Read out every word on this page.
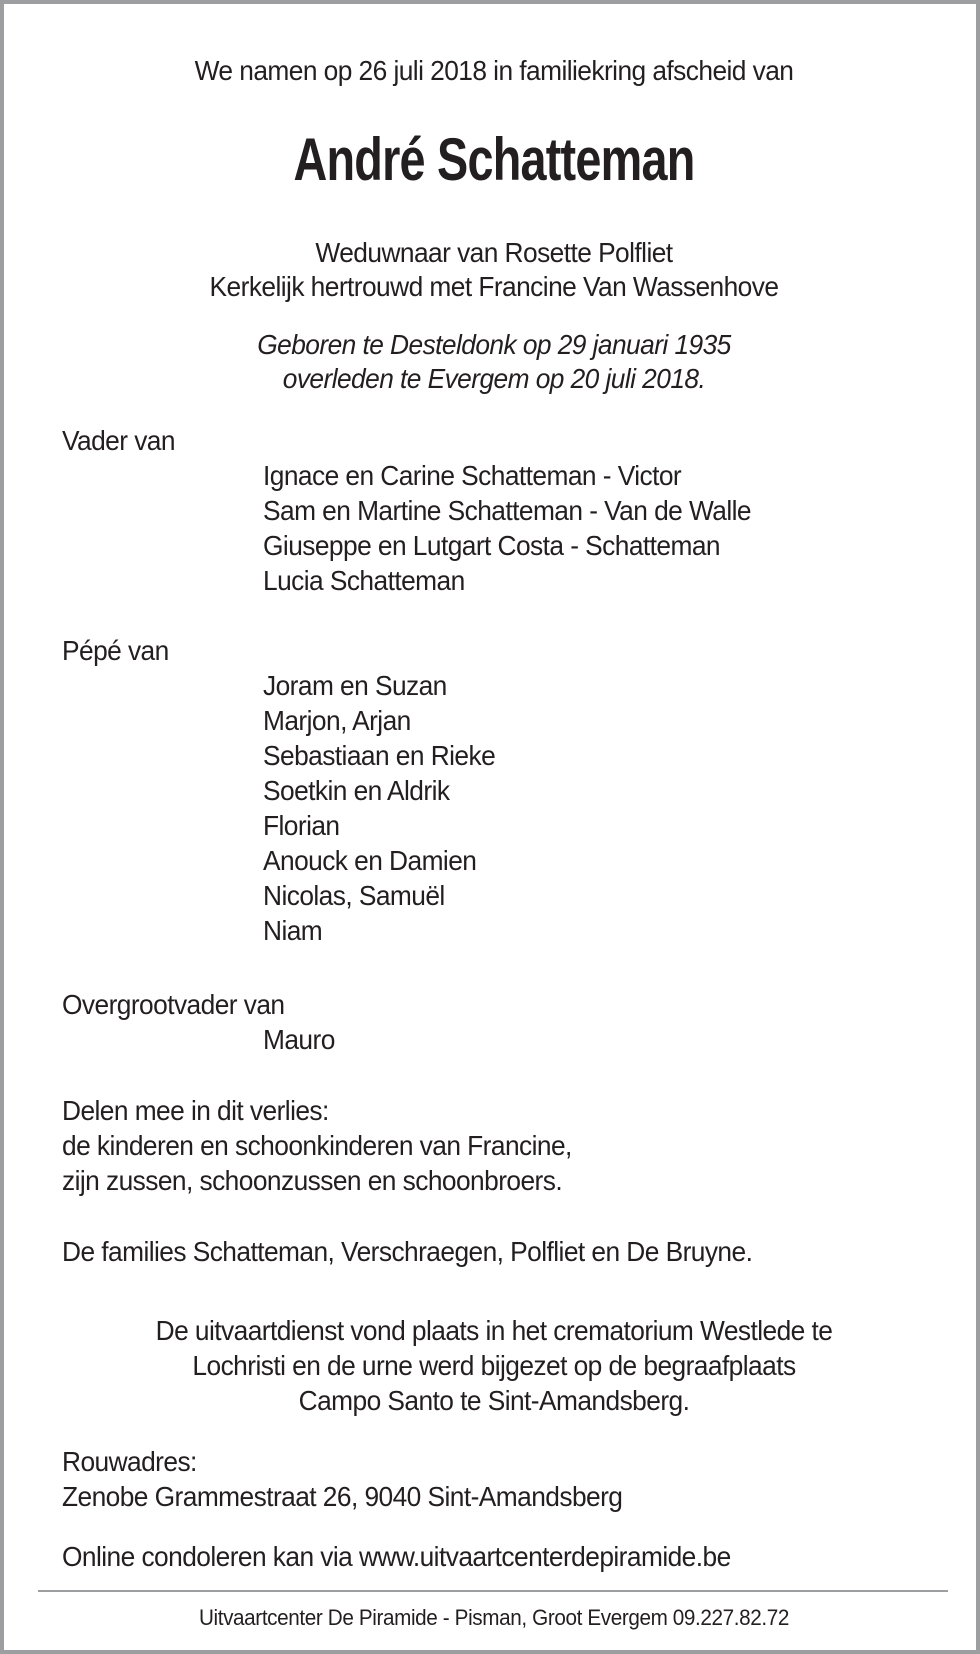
We namen op 26 juli 2018 in familiekring afscheid van
André Schatteman
Weduwnaar van Rosette Polfliet
Kerkelijk hertrouwd met Francine Van Wassenhove
Geboren te Desteldonk op 29 januari 1935
overleden te Evergem op 20 juli 2018.
Vader van
Ignace en Carine Schatteman - Victor
Sam en Martine Schatteman - Van de Walle
Giuseppe en Lutgart Costa - Schatteman
Lucia Schatteman
Pépé van
Joram en Suzan
Marjon, Arjan
Sebastiaan en Rieke
Soetkin en Aldrik
Florian
Anouck en Damien
Nicolas, Samuël
Niam
Overgrootvader van
Mauro
Delen mee in dit verlies:
de kinderen en schoonkinderen van Francine,
zijn zussen, schoonzussen en schoonbroers.
De families Schatteman, Verschraegen, Polfliet en De Bruyne.
De uitvaartdienst vond plaats in het crematorium Westlede te
Lochristi en de urne werd bijgezet op de begraafplaats
Campo Santo te Sint-Amandsberg.
Rouwadres:
Zenobe Grammestraat 26, 9040 Sint-Amandsberg
Online condoleren kan via www.uitvaartcenterdepiramide.be
Uitvaartcenter De Piramide - Pisman, Groot Evergem 09.227.82.72
